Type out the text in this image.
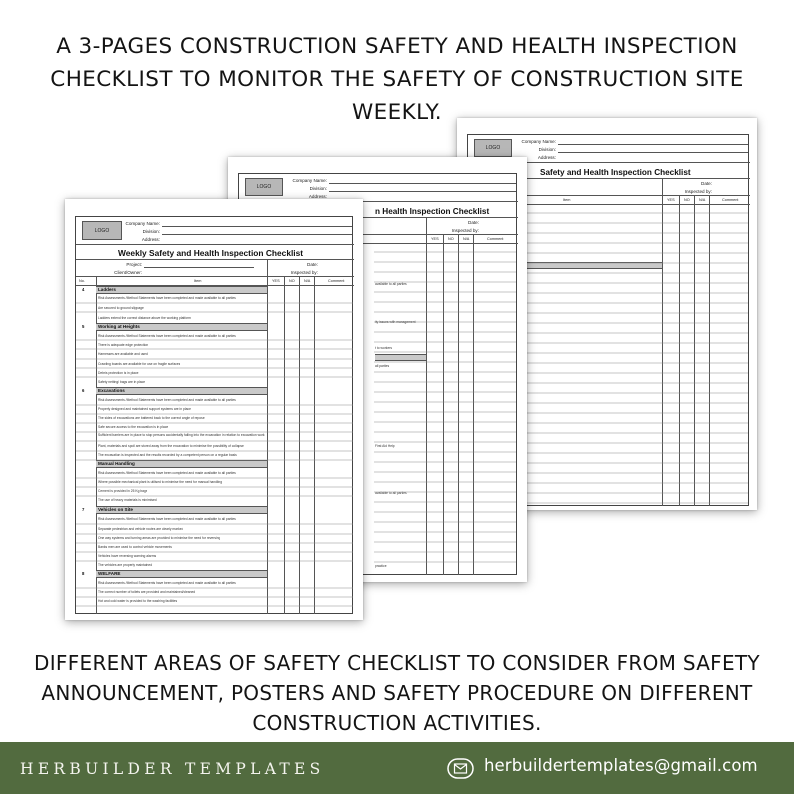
A 3-PAGES CONSTRUCTION SAFETY AND HEALTH INSPECTION
CHECKLIST TO MONITOR THE SAFETY OF CONSTRUCTION SITE
WEEKLY.
LOGO
Company Name:
Division:
Address:
Safety and Health Inspection Checklist
Date:
Inspected by:
Item	YES NO N/A	Comment
LOGO
Company Name:
Division:
Address:
n Health Inspection Checklist
Date:
Inspected by:
YES NO N/A	Comment
available to all parties
ity issues with management
t to workers
all parties
First Aid Help
available to all parties
practice
LOGO
Company Name:
Division:
Address:
Weekly Safety and Health Inspection Checklist
Project:
Client/Owner:
Date:
Inspected by:
No.	Item	YES NO N/A	Comment
4	Ladders
Risk Assessments /Method Statements have been completed and made available to all parties
Are secured to ground slippage
Ladders extend the correct distance above the working platform
5	Working at Heights
Risk Assessments /Method Statements have been completed and made available to all parties
There is adequate edge protection
Harnesses are available and used
Crawling boards are available for use on fragile surfaces
Debris protection is in place
Safety netting/ bags are in place
6	Excavations
Risk Assessments /Method Statements have been completed and made available to all parties
Properly designed and maintained support systems are in place
The sides of excavations are battered back to the correct angle of repose
Safe secure access to the excavation is in place
Sufficient barriers are in place to stop persons accidentally falling into the excavation in relation to excavation work
Plant, materials and spoil are stored away from the excavation to minimise the possibility of collapse
The excavation is inspected and the results recorded by a competent person on a regular basis
Manual Handling
Risk Assessments /Method Statements have been completed and made available to all parties
Where possible mechanical plant is utilised to minimise the need for manual handling
Cement is provided in 25 Kg bags
The use of heavy materials is minimised
7	Vehicles on Site
Risk Assessments /Method Statements have been completed and made available to all parties
Separate pedestrian and vehicle routes are clearly marked
One way systems and turning areas are provided to minimise the need for reversing
Banks men are used to control vehicle movements
Vehicles have reversing warning alarms
The vehicles are properly maintained
8	WELFARE
Risk Assessments /Method Statements have been completed and made available to all parties
The correct number of toilets are provided and maintained/cleaned
Hot and cold water is provided to the washing facilities
DIFFERENT AREAS OF SAFETY CHECKLIST TO CONSIDER FROM SAFETY
ANNOUNCEMENT, POSTERS AND SAFETY PROCEDURE ON DIFFERENT
CONSTRUCTION ACTIVITIES.
HERBUILDER TEMPLATES	herbuildertemplates@gmail.com
